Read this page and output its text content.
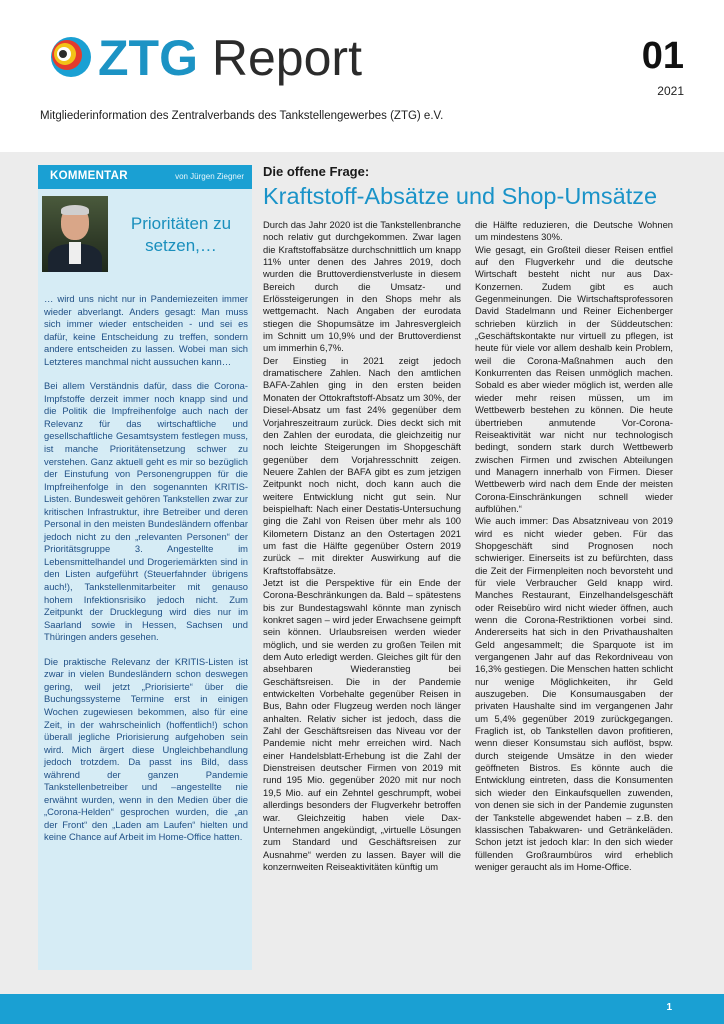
ZTG Report	01
2021
Mitgliederinformation des Zentralverbands des Tankstellengewerbes (ZTG) e.V.
KOMMENTAR	von Jürgen Ziegner
Prioritäten zu setzen,…

… wird uns nicht nur in Pandemiezeiten immer wieder abverlangt. Anders gesagt: Man muss sich immer wieder entscheiden - und sei es dafür, keine Entscheidung zu treffen, sondern andere entscheiden zu lassen. Wobei man sich Letzteres manchmal nicht aussuchen kann…

Bei allem Verständnis dafür, dass die Corona-Impfstoffe derzeit immer noch knapp sind und die Politik die Impfreihenfolge auch nach der Relevanz für das wirtschaftliche und gesellschaftliche Gesamtsystem festlegen muss, ist manche Prioritätensetzung schwer zu verstehen. Ganz aktuell geht es mir so bezüglich der Einstufung von Personengruppen für die Impfreihenfolge in den sogenannten KRITIS-Listen. Bundesweit gehören Tankstellen zwar zur kritischen Infrastruktur, ihre Betreiber und deren Personal in den meisten Bundesländern offenbar jedoch nicht zu den „relevanten Personen“ der Prioritätsgruppe 3. Angestellte im Lebensmittelhandel und Drogeriemärkten sind in den Listen aufgeführt (Steuerfahnder übrigens auch!), Tankstellenmitarbeiter mit genauso hohem Infektionsrisiko jedoch nicht. Zum Zeitpunkt der Drucklegung wird dies nur im Saarland sowie in Hessen, Sachsen und Thüringen anders gesehen.

Die praktische Relevanz der KRITIS-Listen ist zwar in vielen Bundesländern schon deswegen gering, weil jetzt „Priorisierte“ über die Buchungssysteme Termine erst in einigen Wochen zugewiesen bekommen, also für eine Zeit, in der wahrscheinlich (hoffentlich!) schon überall jegliche Priorisierung aufgehoben sein wird. Mich ärgert diese Ungleichbehandlung jedoch trotzdem. Da passt ins Bild, dass während der ganzen Pandemie Tankstellenbetreiber und –angestellte nie erwähnt wurden, wenn in den Medien über die „Corona-Helden“ gesprochen wurden, die „an der Front“ den „Laden am Laufen“ hielten und keine Chance auf Arbeit im Home-Office hatten.

Die offene Frage:
Kraftstoff-Absätze und Shop-Umsätze

Durch das Jahr 2020 ist die Tankstellenbranche noch relativ gut durchgekommen. Zwar lagen die Kraftstoffabsätze durchschnittlich um knapp 11% unter denen des Jahres 2019, doch wurden die Bruttoverdienstverluste in diesem Bereich durch die Umsatz- und Erlössteigerungen in den Shops mehr als wettgemacht. Nach Angaben der eurodata stiegen die Shopumsätze im Jahresvergleich im Schnitt um 10,9% und der Bruttoverdienst um immerhin 6,7%.

Der Einstieg in 2021 zeigt jedoch dramatischere Zahlen. Nach den amtlichen BAFA-Zahlen ging in den ersten beiden Monaten der Ottokraftstoff-Absatz um 30%, der Diesel-Absatz um fast 24% gegenüber dem Vorjahreszeitraum zurück. Dies deckt sich mit den Zahlen der eurodata, die gleichzeitig nur noch leichte Steigerungen im Shopgeschäft gegenüber dem Vorjahresschnitt zeigen. Neuere Zahlen der BAFA gibt es zum jetzigen Zeitpunkt noch nicht, doch kann auch die weitere Entwicklung nicht gut sein. Nur beispielhaft: Nach einer Destatis-Untersuchung ging die Zahl von Reisen über mehr als 100 Kilometern Distanz an den Ostertagen 2021 um fast die Hälfte gegenüber Ostern 2019 zurück – mit direkter Auswirkung auf die Kraftstoffabsätze.

Jetzt ist die Perspektive für ein Ende der Corona-Beschränkungen da. Bald – spätestens bis zur Bundestagswahl könnte man zynisch konkret sagen – wird jeder Erwachsene geimpft sein können. Urlaubsreisen werden wieder möglich, und sie werden zu großen Teilen mit dem Auto erledigt werden. Gleiches gilt für den absehbaren Wiederanstieg bei Geschäftsreisen. Die in der Pandemie entwickelten Vorbehalte gegenüber Reisen in Bus, Bahn oder Flugzeug werden noch länger anhalten. Relativ sicher ist jedoch, dass die Zahl der Geschäftsreisen das Niveau vor der Pandemie nicht mehr erreichen wird. Nach einer Handelsblatt-Erhebung ist die Zahl der Dienstreisen deutscher Firmen von 2019 mit rund 195 Mio. gegenüber 2020 mit nur noch 19,5 Mio. auf ein Zehntel geschrumpft, wobei allerdings besonders der Flugverkehr betroffen war. Gleichzeitig haben viele Dax-Unternehmen angekündigt, „virtuelle Lösungen zum Standard und Geschäftsreisen zur Ausnahme“ werden zu lassen. Bayer will die konzernweiten Reiseaktivitäten künftig um

die Hälfte reduzieren, die Deutsche Wohnen um mindestens 30%.

Wie gesagt, ein Großteil dieser Reisen entfiel auf den Flugverkehr und die deutsche Wirtschaft besteht nicht nur aus Dax-Konzernen. Zudem gibt es auch Gegenmeinungen. Die Wirtschaftsprofessoren David Stadelmann und Reiner Eichenberger schrieben kürzlich in der Süddeutschen: „Geschäftskontakte nur virtuell zu pflegen, ist heute für viele vor allem deshalb kein Problem, weil die Corona-Maßnahmen auch den Konkurrenten das Reisen unmöglich machen. Sobald es aber wieder möglich ist, werden alle wieder mehr reisen müssen, um im Wettbewerb bestehen zu können. Die heute übertrieben anmutende Vor-Corona-Reiseaktivität war nicht nur technologisch bedingt, sondern stark durch Wettbewerb zwischen Firmen und zwischen Abteilungen und Managern innerhalb von Firmen. Dieser Wettbewerb wird nach dem Ende der meisten Corona-Einschränkungen schnell wieder aufblühen.“

Wie auch immer: Das Absatzniveau von 2019 wird es nicht wieder geben. Für das Shopgeschäft sind Prognosen noch schwieriger. Einerseits ist zu befürchten, dass die Zeit der Firmenpleiten noch bevorsteht und für viele Verbraucher Geld knapp wird. Manches Restaurant, Einzelhandelsgeschäft oder Reisebüro wird nicht wieder öffnen, auch wenn die Corona-Restriktionen vorbei sind. Andererseits hat sich in den Privathaushalten Geld angesammelt; die Sparquote ist im vergangenen Jahr auf das Rekordniveau von 16,3% gestiegen. Die Menschen hatten schlicht nur wenige Möglichkeiten, ihr Geld auszugeben. Die Konsumausgaben der privaten Haushalte sind im vergangenen Jahr um 5,4% gegenüber 2019 zurückgegangen. Fraglich ist, ob Tankstellen davon profitieren, wenn dieser Konsumstau sich auflöst, bspw. durch steigende Umsätze in den wieder geöffneten Bistros. Es könnte auch die Entwicklung eintreten, dass die Konsumenten sich wieder den Einkaufsquellen zuwenden, von denen sie sich in der Pandemie zugunsten der Tankstelle abgewendet haben – z.B. den klassischen Tabakwaren- und Getränkeläden. Schon jetzt ist jedoch klar: In den sich wieder füllenden Großraumbüros wird erheblich weniger geraucht als im Home-Office.

1
